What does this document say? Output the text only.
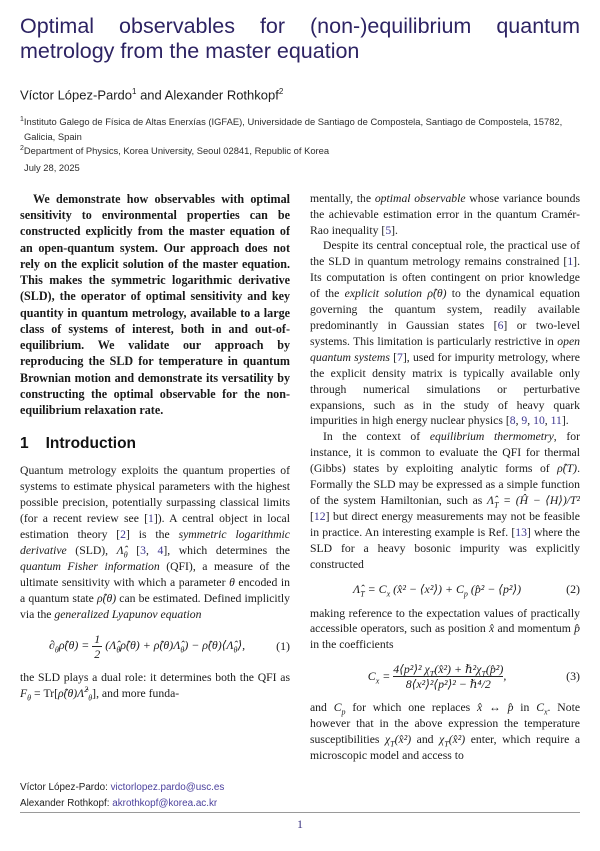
Optimal observables for (non-)equilibrium quantum
metrology from the master equation
Víctor López-Pardo$^1$ and Alexander Rothkopf$^2$
$^1$Instituto Galego de Física de Altas Enerxías (IGFAE), Universidade de Santiago de Compostela, Santiago de Compostela, 15782, Galicia, Spain
$^2$Department of Physics, Korea University, Seoul 02841, Republic of Korea
July 28, 2025
We demonstrate how observables with optimal sensitivity to environmental properties can be constructed explicitly from the master equation of an open-quantum system. Our approach does not rely on the explicit solution of the master equation. This makes the symmetric logarithmic derivative (SLD), the operator of optimal sensitivity and key quantity in quantum metrology, available to a large class of systems of interest, both in and out-of-equilibrium. We validate our approach by reproducing the SLD for temperature in quantum Brownian motion and demonstrate its versatility by constructing the optimal observable for the non-equilibrium relaxation rate.
1 Introduction
Quantum metrology exploits the quantum properties of systems to estimate physical parameters with the highest possible precision, potentially surpassing classical limits (for a recent review see [1]). A central object in local estimation theory [2] is the symmetric logarithmic derivative (SLD), $\Lambdâ_\theta$ [3, 4], which determines the quantum Fisher information (QFI), a measure of the ultimate sensitivity with which a parameter θ encoded in a quantum state ρ̂(θ) can be estimated. Defined implicitly via the generalized Lyapunov equation
$\partial_\theta\rhô(\theta) = \frac{1}{2}$ ($\Lambdâ_\theta\rhô(\theta)$ + $\rhô(\theta)\Lambdâ_\theta$) − $\rhô(\theta)⟨\Lambdâ_\theta⟩$,	(1)
the SLD plays a dual role: it determines both the QFI as $F_\theta$ = Tr[ρ̂(θ)Λ̂$^2_\theta$], and more funda-
Víctor López-Pardo: victorlopez.pardo@usc.es
Alexander Rothkopf: akrothkopf@korea.ac.kr
mentally, the optimal observable whose variance bounds the achievable estimation error in the quantum Cramér-Rao inequality [5].
Despite its central conceptual role, the practical use of the SLD in quantum metrology remains constrained [1]. Its computation is often contingent on prior knowledge of the explicit solution ρ̂(θ) to the dynamical equation governing the quantum system, readily available predominantly in Gaussian states [6] or two-level systems. This limitation is particularly restrictive in open quantum systems [7], used for impurity metrology, where the explicit density matrix is typically available only through numerical simulations or perturbative expansions, such as in the study of heavy quark impurities in high energy nuclear physics [8, 9, 10, 11].
In the context of equilibrium thermometry, for instance, it is common to evaluate the QFI for thermal (Gibbs) states by exploiting analytic forms of ρ̂(T). Formally the SLD may be expressed as a simple function of the system Hamiltonian, such as $\Lambdâ_T$ = (Ĥ − ⟨H⟩)/T² [12] but direct energy measurements may not be feasible in practice. An interesting example is Ref. [13] where the SLD for a heavy bosonic impurity was explicitly constructed
$\Lambdâ_T = C_x$ (x̂² − ⟨x²⟩) + $C_p$ (p̂² − ⟨p²⟩)	(2)
making reference to the expectation values of practically accessible operators, such as position x̂ and momentum p̂ in the coefficients
$C_x = \frac{4⟨p^2⟩^2 \chi_T(x̂^2) + \hbar^2\chi_T(p̂^2)}{\text{8⟨x²⟩²⟨p²⟩² − ℏ⁴/2}}$ ,	(3)
and $C_p$ for which one replaces x̂ ↔ p̂ in $C_x$. Note however that in the above expression the temperature susceptibilities $\chi_T(x̂^2)$ and $\chi_T(x̂^2)$ enter, which require a microscopic model and access to
1
